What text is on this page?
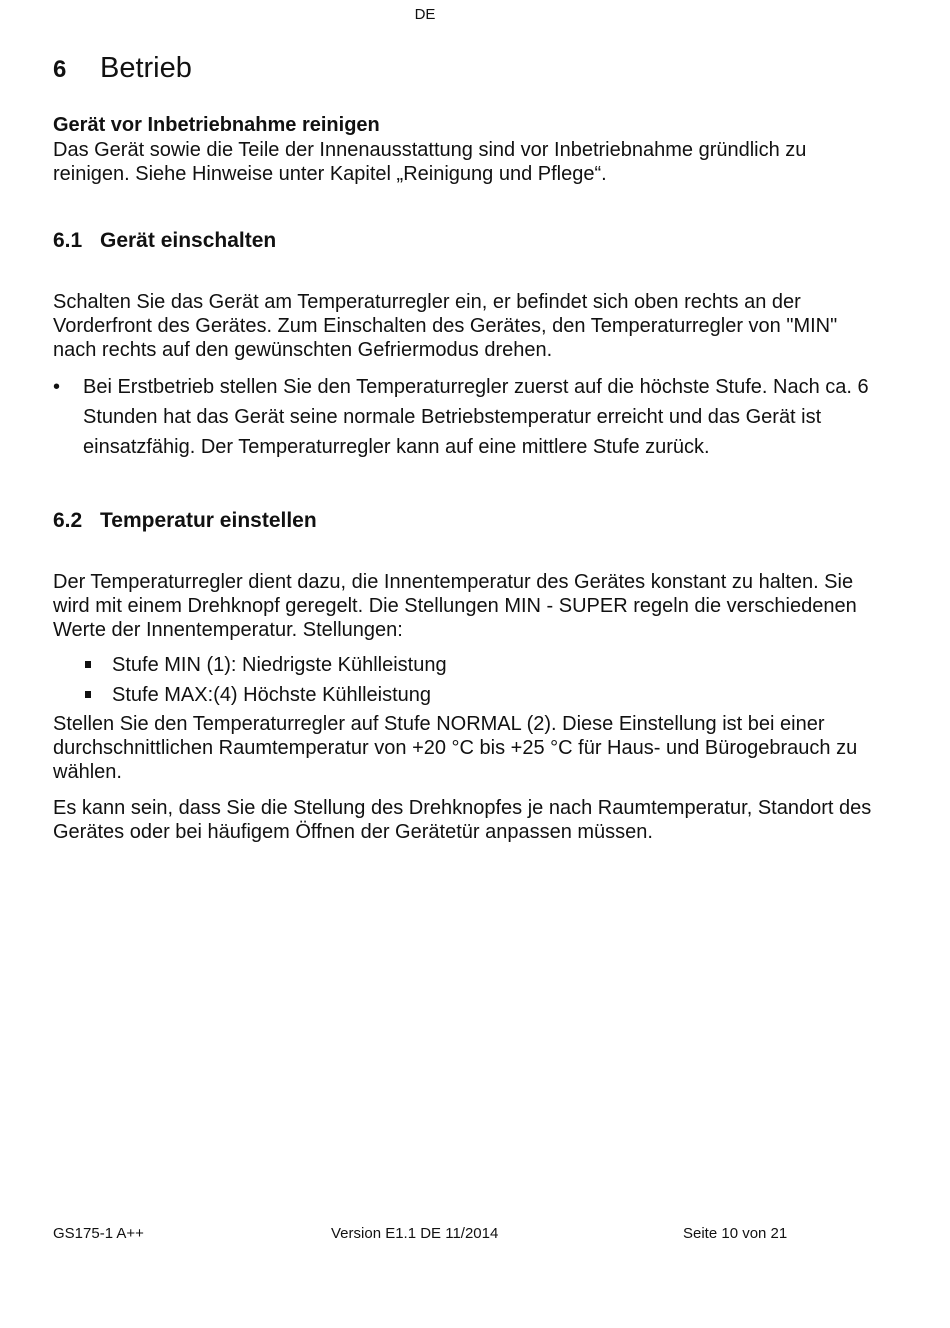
DE
6 Betrieb
Gerät vor Inbetriebnahme reinigen
Das Gerät sowie die Teile der Innenausstattung sind vor Inbetriebnahme gründlich zu reinigen. Siehe Hinweise unter Kapitel „Reinigung und Pflege“.
6.1 Gerät einschalten
Schalten Sie das Gerät am Temperaturregler ein, er befindet sich oben rechts an der Vorderfront des Gerätes. Zum Einschalten des Gerätes, den Temperaturregler von "MIN" nach rechts auf den gewünschten Gefriermodus drehen.
• Bei Erstbetrieb stellen Sie den Temperaturregler zuerst auf die höchste Stufe. Nach ca. 6 Stunden hat das Gerät seine normale Betriebstemperatur erreicht und das Gerät ist einsatzfähig. Der Temperaturregler kann auf eine mittlere Stufe zurück.
6.2 Temperatur einstellen
Der Temperaturregler dient dazu, die Innentemperatur des Gerätes konstant zu halten. Sie wird mit einem Drehknopf geregelt. Die Stellungen MIN - SUPER regeln die verschiedenen Werte der Innentemperatur. Stellungen:
Stufe MIN (1): Niedrigste Kühlleistung
Stufe MAX:(4) Höchste Kühlleistung
Stellen Sie den Temperaturregler auf Stufe NORMAL (2). Diese Einstellung ist bei einer durchschnittlichen Raumtemperatur von +20 °C bis +25 °C für Haus- und Bürogebrauch zu wählen.
Es kann sein, dass Sie die Stellung des Drehknopfes je nach Raumtemperatur, Standort des Gerätes oder bei häufigem Öffnen der Gerätetür anpassen müssen.
GS175-1 A++	Version E1.1 DE 11/2014	Seite 10 von 21
